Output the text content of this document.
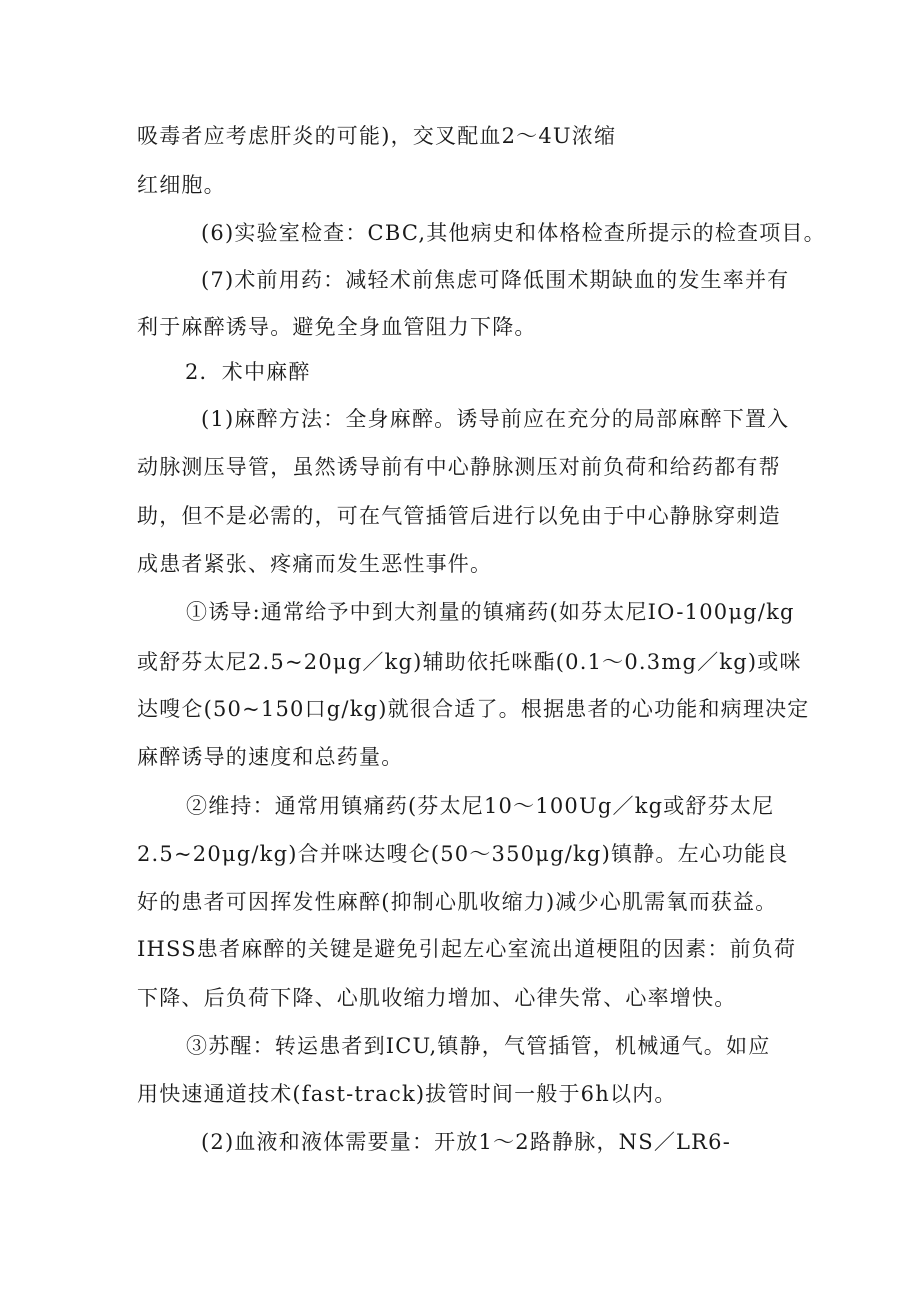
吸毒者应考虑肝炎的可能)，交叉配血2～4U浓缩
红细胞。
(6)实验室检查：CBC,其他病史和体格检查所提示的检查项目。
(7)术前用药：减轻术前焦虑可降低围术期缺血的发生率并有
利于麻醉诱导。避免全身血管阻力下降。
2．术中麻醉
(1)麻醉方法：全身麻醉。诱导前应在充分的局部麻醉下置入
动脉测压导管，虽然诱导前有中心静脉测压对前负荷和给药都有帮
助，但不是必需的，可在气管插管后进行以免由于中心静脉穿刺造
成患者紧张、疼痛而发生恶性事件。
①诱导:通常给予中到大剂量的镇痛药(如芬太尼IO-100μg/kg
或舒芬太尼2.5~20μg／kg)辅助依托咪酯(0.1～0.3mg／kg)或咪
达嗖仑(50~150口g/kg)就很合适了。根据患者的心功能和病理决定
麻醉诱导的速度和总药量。
②维持：通常用镇痛药(芬太尼10～100Ug／kg或舒芬太尼
2.5~20μg/kg)合并咪达嗖仑(50～350μg/kg)镇静。左心功能良
好的患者可因挥发性麻醉(抑制心肌收缩力)减少心肌需氧而获益。
IHSS患者麻醉的关键是避免引起左心室流出道梗阻的因素：前负荷
下降、后负荷下降、心肌收缩力增加、心律失常、心率增快。
③苏醒：转运患者到ICU,镇静，气管插管，机械通气。如应
用快速通道技术(fast-track)拔管时间一般于6h以内。
(2)血液和液体需要量：开放1～2路静脉，NS／LR6-
